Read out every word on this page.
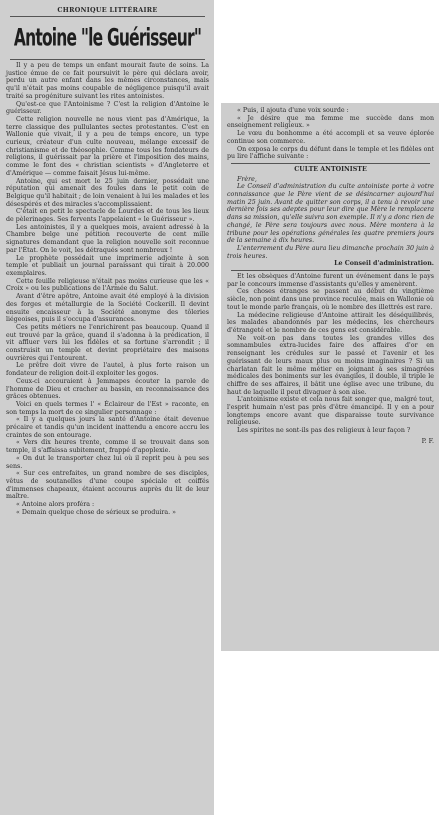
CHRONIQUE LITTÉRAIRE
Antoine "le Guérisseur"

Il y a peu de temps un enfant mourait faute de soins. La justice émue de ce fait poursuivit le père qui déclara avoir, perdu un autre enfant dans les mêmes circonstances, mais qu'il n'était pas moins coupable de négligence puisqu'il avait traité sa progéniture suivant les rites antoinistes.

Qu'est-ce que l'Antoinisme ? C'est la religion d'Antoine le guérisseur.

Cette religion nouvelle ne nous vient pas d'Amérique, la terre classique des pullulantes sectes protestantes. C'est en Wallonie que vivait, il y a peu de temps encore, un type curieux, créateur d'un culte nouveau, mélange excessif de christianisme et de théosophie. Comme tous les fondateurs de religions, il guérissait par la prière et l'imposition des mains, comme le font des « christian scientists » d'Angleterre et d'Amérique — comme faisait Jésus lui-même.

Antoine, qui est mort le 25 juin dernier, possédait une réputation qui amenait des foules dans le petit coin de Belgique qu'il habitait ; de loin venaient à lui les malades et les désespérés et des miracles s'accomplissaient.

C'était en petit le spectacle de Lourdes et de tous les lieux de pèlerinages. Ses fervents l'appelaient « le Guérisseur ».

Les antoinistes, il y a quelques mois, avaient adressé à la Chambre belge une pétition recouverte de cent mille signatures demandant que la religion nouvelle soit reconnue par l'État. On le voit, les détraqués sont nombreux !

Le prophète possédait une imprimerie adjointe à son temple et publiait un journal paraissant qui tirait à 20.000 exemplaires.

Cette feuille religieuse n'était pas moins curieuse que les « Croix » ou les publications de l'Armée du Salut.

Avant d'être apôtre, Antoine avait été employé à la division des forges et métallurgie de la Société Cockerill. Il devint ensuite encaisseur à la Société anonyme des tôleries liégeoises, puis il s'occupa d'assurances.

Ces petits métiers ne l'enrichirent pas beaucoup. Quand il eut trouvé par la grâce, quand il s'adonna à la prédication, il vit affluer vers lui les fidèles et sa fortune s'arrondit ; il construisit un temple et devint propriétaire des maisons ouvrières qui l'entourent.

Le prêtre doit vivre de l'autel, à plus forte raison un fondateur de religion doit-il exploiter les gogos.

Ceux-ci accouraient à Jemmapes écouter la parole de l'homme de Dieu et cracher au bassin, en reconnaissance des grâces obtenues.

Voici en quels termes l' « Éclaireur de l'Est » raconte, en son temps la mort de ce singulier personnage :

« Il y a quelques jours la santé d'Antoine était devenue précaire et tandis qu'un incident inattendu a encore accru les craintes de son entourage.

« Vers dix heures trente, comme il se trouvait dans son temple, il s'affaissa subitement, frappé d'apoplexie.

« On dut le transporter chez lui où il reprit peu à peu ses sens.

« Sur ces entrefaites, un grand nombre de ses disciples, vêtus de soutanelles d'une coupe spéciale et coiffés d'immenses chapeaux, étaient accourus auprès du lit de leur maître.

« Antoine alors proféra :

« Demain quelque chose de sérieux se produira. »

« Puis, il ajouta d'une voix sourde :

« Je désire que ma femme me succède dans mon enseignement religieux. »

Le vœu du bonhomme a été accompli et sa veuve éplorée continue son commerce.

On exposa le corps du défunt dans le temple et les fidèles ont pu lire l'affiche suivante :

CULTE ANTOINISTE

Frère,

Le Conseil d'administration du culte antoiniste porte à votre connaissance que le Père vient de se désincarner aujourd'hui matin 25 juin. Avant de quitter son corps, il a tenu à revoir une dernière fois ses adeptes pour leur dire que Mère le remplacera dans sa mission, qu'elle suivra son exemple. Il n'y a donc rien de changé, le Père sera toujours avec nous. Mère montera à la tribune pour les opérations générales les quatre premiers jours de la semaine à dix heures.

L'enterrement du Père aura lieu dimanche prochain 30 juin à trois heures.

Le Conseil d'administration.

Et les obsèques d'Antoine furent un événement dans le pays par le concours immense d'assistants qu'elles y amenèrent.

Ces choses étranges se passent au début du vingtième siècle, non point dans une province reculée, mais en Wallonie où tout le monde parle français, où le nombre des illettrés est rare.

La médecine religieuse d'Antoine attirait les déséquilibrés, les malades abandonnés par les médecins, les chercheurs d'étrangeté et le nombre de ces gens est considérable.

Ne voit-on pas dans toutes les grandes villes des somnambules extra-lucides faire des affaires d'or en renseignant les crédules sur le passé et l'avenir et les guérissant de leurs maux plus ou moins imaginaires ? Si un charlatan fait le même métier en joignant à ses simagrées médicales des boniments sur les évangiles, il double, il triple le chiffre de ses affaires, il bâtit une église avec une tribune, du haut de laquelle il peut divaguer à son aise.

L'antoinisme existe et cela nous fait songer que, malgré tout, l'esprit humain n'est pas près d'être émancipé. Il y en a pour longtemps encore avant que disparaisse toute survivance religieuse.

Les spirites ne sont-ils pas des religieux à leur façon ?

P. F.
